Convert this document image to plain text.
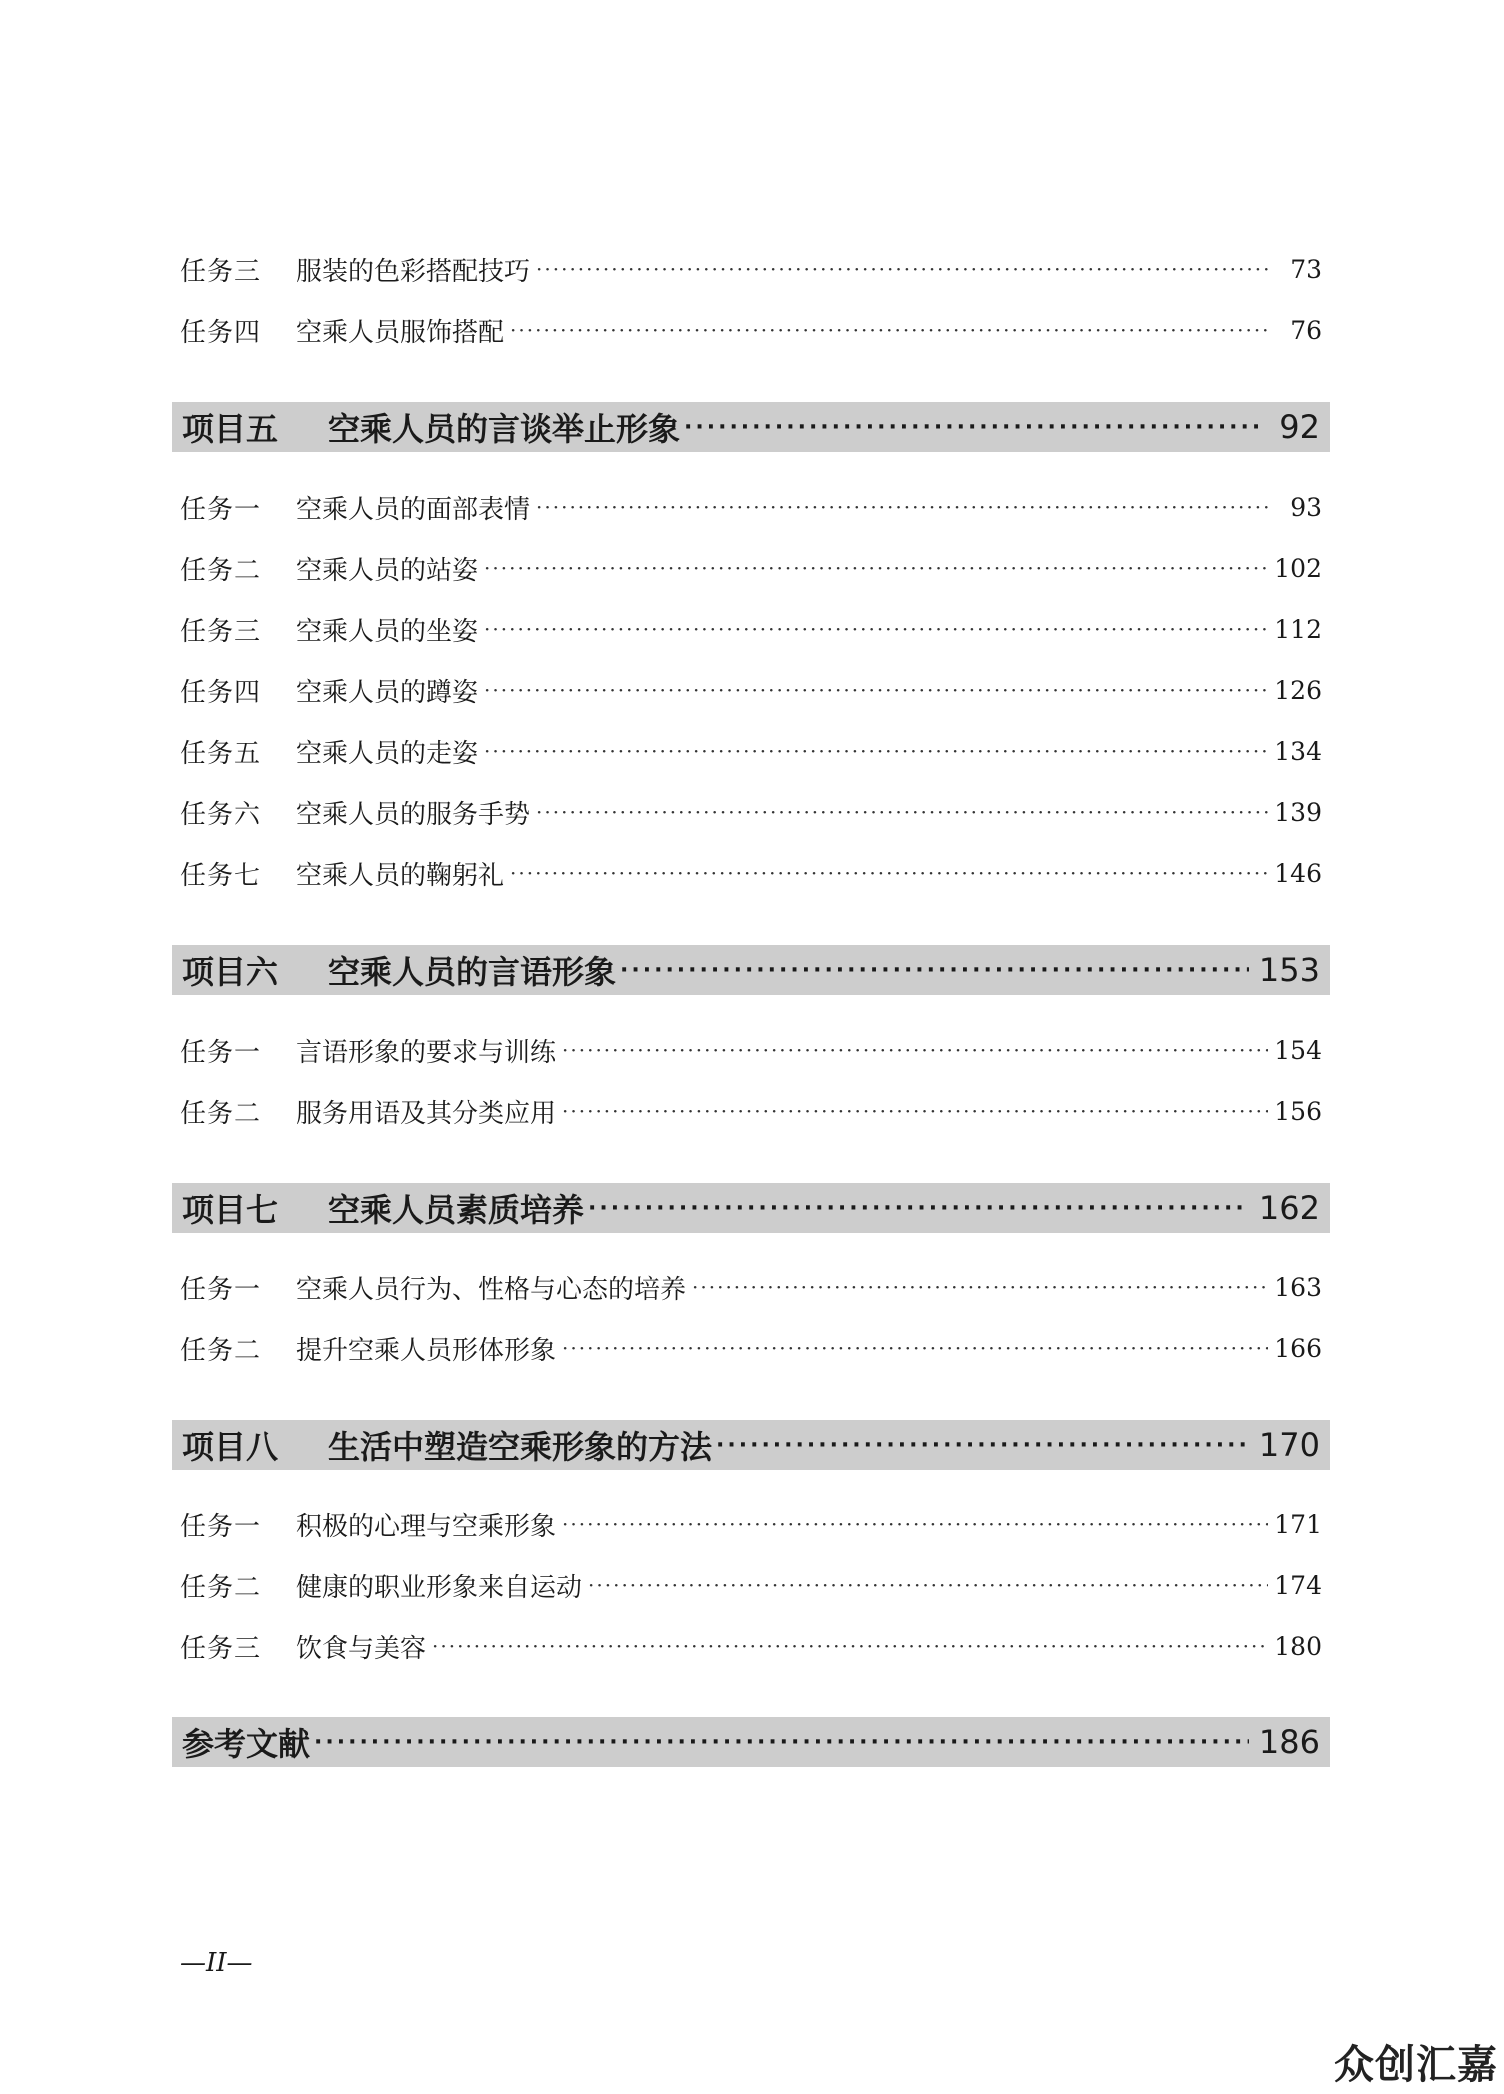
任务三 服装的色彩搭配技巧 ·····	73
任务四 空乘人员服饰搭配 ·····	76
项目五 空乘人员的言谈举止形象 ·····	92
任务一 空乘人员的面部表情 ·····	93
任务二 空乘人员的站姿 ·····	102
任务三 空乘人员的坐姿 ·····	112
任务四 空乘人员的蹲姿 ·····	126
任务五 空乘人员的走姿 ·····	134
任务六 空乘人员的服务手势 ·····	139
任务七 空乘人员的鞠躬礼 ·····	146
项目六 空乘人员的言语形象 ·····	153
任务一 言语形象的要求与训练 ·····	154
任务二 服务用语及其分类应用 ·····	156
项目七 空乘人员素质培养 ·····	162
任务一 空乘人员行为、性格与心态的培养 ·····	163
任务二 提升空乘人员形体形象 ·····	166
项目八 生活中塑造空乘形象的方法 ·····	170
任务一 积极的心理与空乘形象 ·····	171
任务二 健康的职业形象来自运动 ·····	174
任务三 饮食与美容 ·····	180
参考文献 ·····	186
—II—
众创汇嘉
